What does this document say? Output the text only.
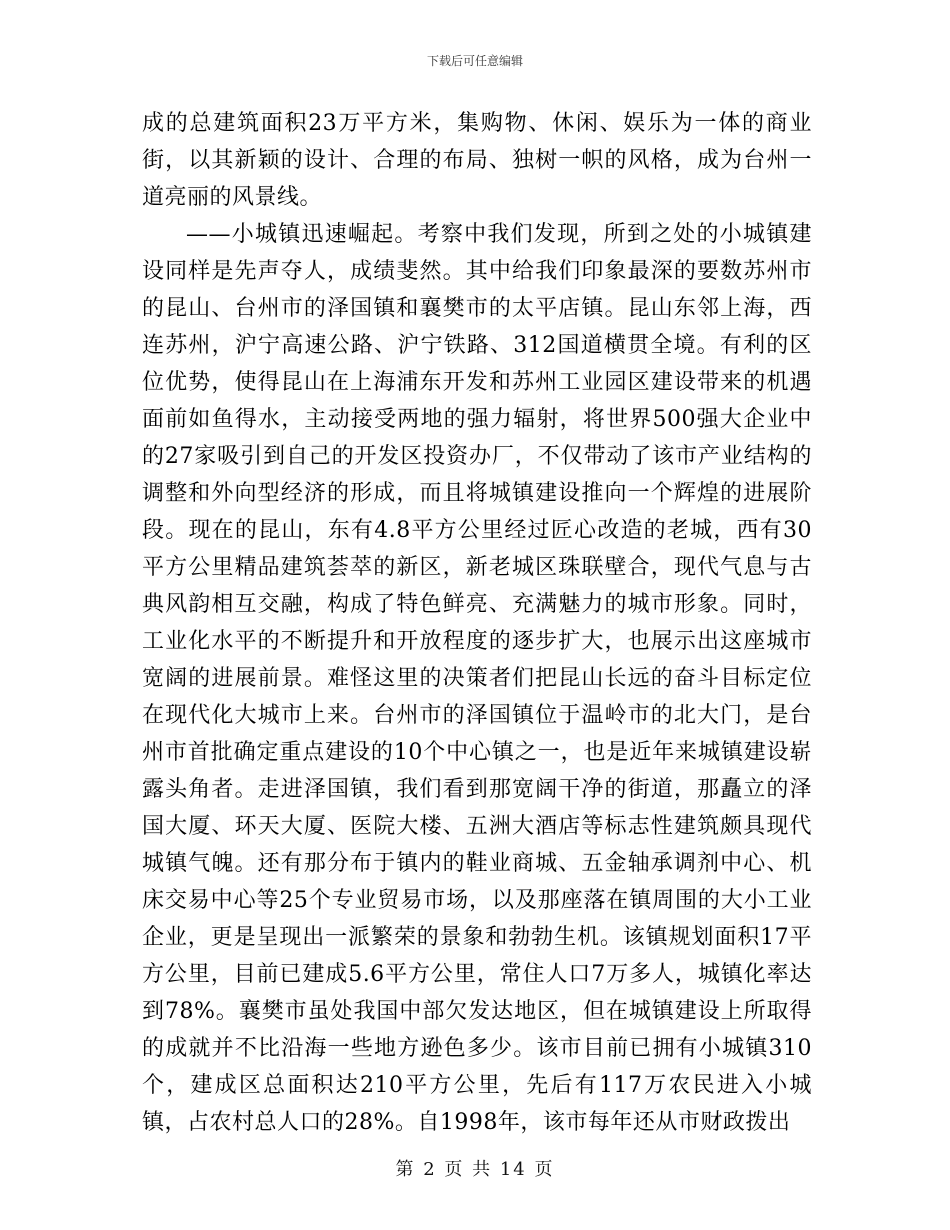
下载后可任意编辑

成的总建筑面积23万平方米，集购物、休闲、娱乐为一体的商业街，以其新颖的设计、合理的布局、独树一帜的风格，成为台州一道亮丽的风景线。

——小城镇迅速崛起。考察中我们发现，所到之处的小城镇建设同样是先声夺人，成绩斐然。其中给我们印象最深的要数苏州市的昆山、台州市的泽国镇和襄樊市的太平店镇。昆山东邻上海，西连苏州，沪宁高速公路、沪宁铁路、312国道横贯全境。有利的区位优势，使得昆山在上海浦东开发和苏州工业园区建设带来的机遇面前如鱼得水，主动接受两地的强力辐射，将世界500强大企业中的27家吸引到自己的开发区投资办厂，不仅带动了该市产业结构的调整和外向型经济的形成，而且将城镇建设推向一个辉煌的进展阶段。现在的昆山，东有4.8平方公里经过匠心改造的老城，西有30平方公里精品建筑荟萃的新区，新老城区珠联壁合，现代气息与古典风韵相互交融，构成了特色鲜亮、充满魅力的城市形象。同时，工业化水平的不断提升和开放程度的逐步扩大，也展示出这座城市宽阔的进展前景。难怪这里的决策者们把昆山长远的奋斗目标定位在现代化大城市上来。台州市的泽国镇位于温岭市的北大门，是台州市首批确定重点建设的10个中心镇之一，也是近年来城镇建设崭露头角者。走进泽国镇，我们看到那宽阔干净的街道，那矗立的泽国大厦、环天大厦、医院大楼、五洲大酒店等标志性建筑颇具现代城镇气魄。还有那分布于镇内的鞋业商城、五金轴承调剂中心、机床交易中心等25个专业贸易市场，以及那座落在镇周围的大小工业企业，更是呈现出一派繁荣的景象和勃勃生机。该镇规划面积17平方公里，目前已建成5.6平方公里，常住人口7万多人，城镇化率达到78%。襄樊市虽处我国中部欠发达地区，但在城镇建设上所取得的成就并不比沿海一些地方逊色多少。该市目前已拥有小城镇310个，建成区总面积达210平方公里，先后有117万农民进入小城镇，占农村总人口的28%。自1998年，该市每年还从市财政拨出

第 2 页 共 14 页
